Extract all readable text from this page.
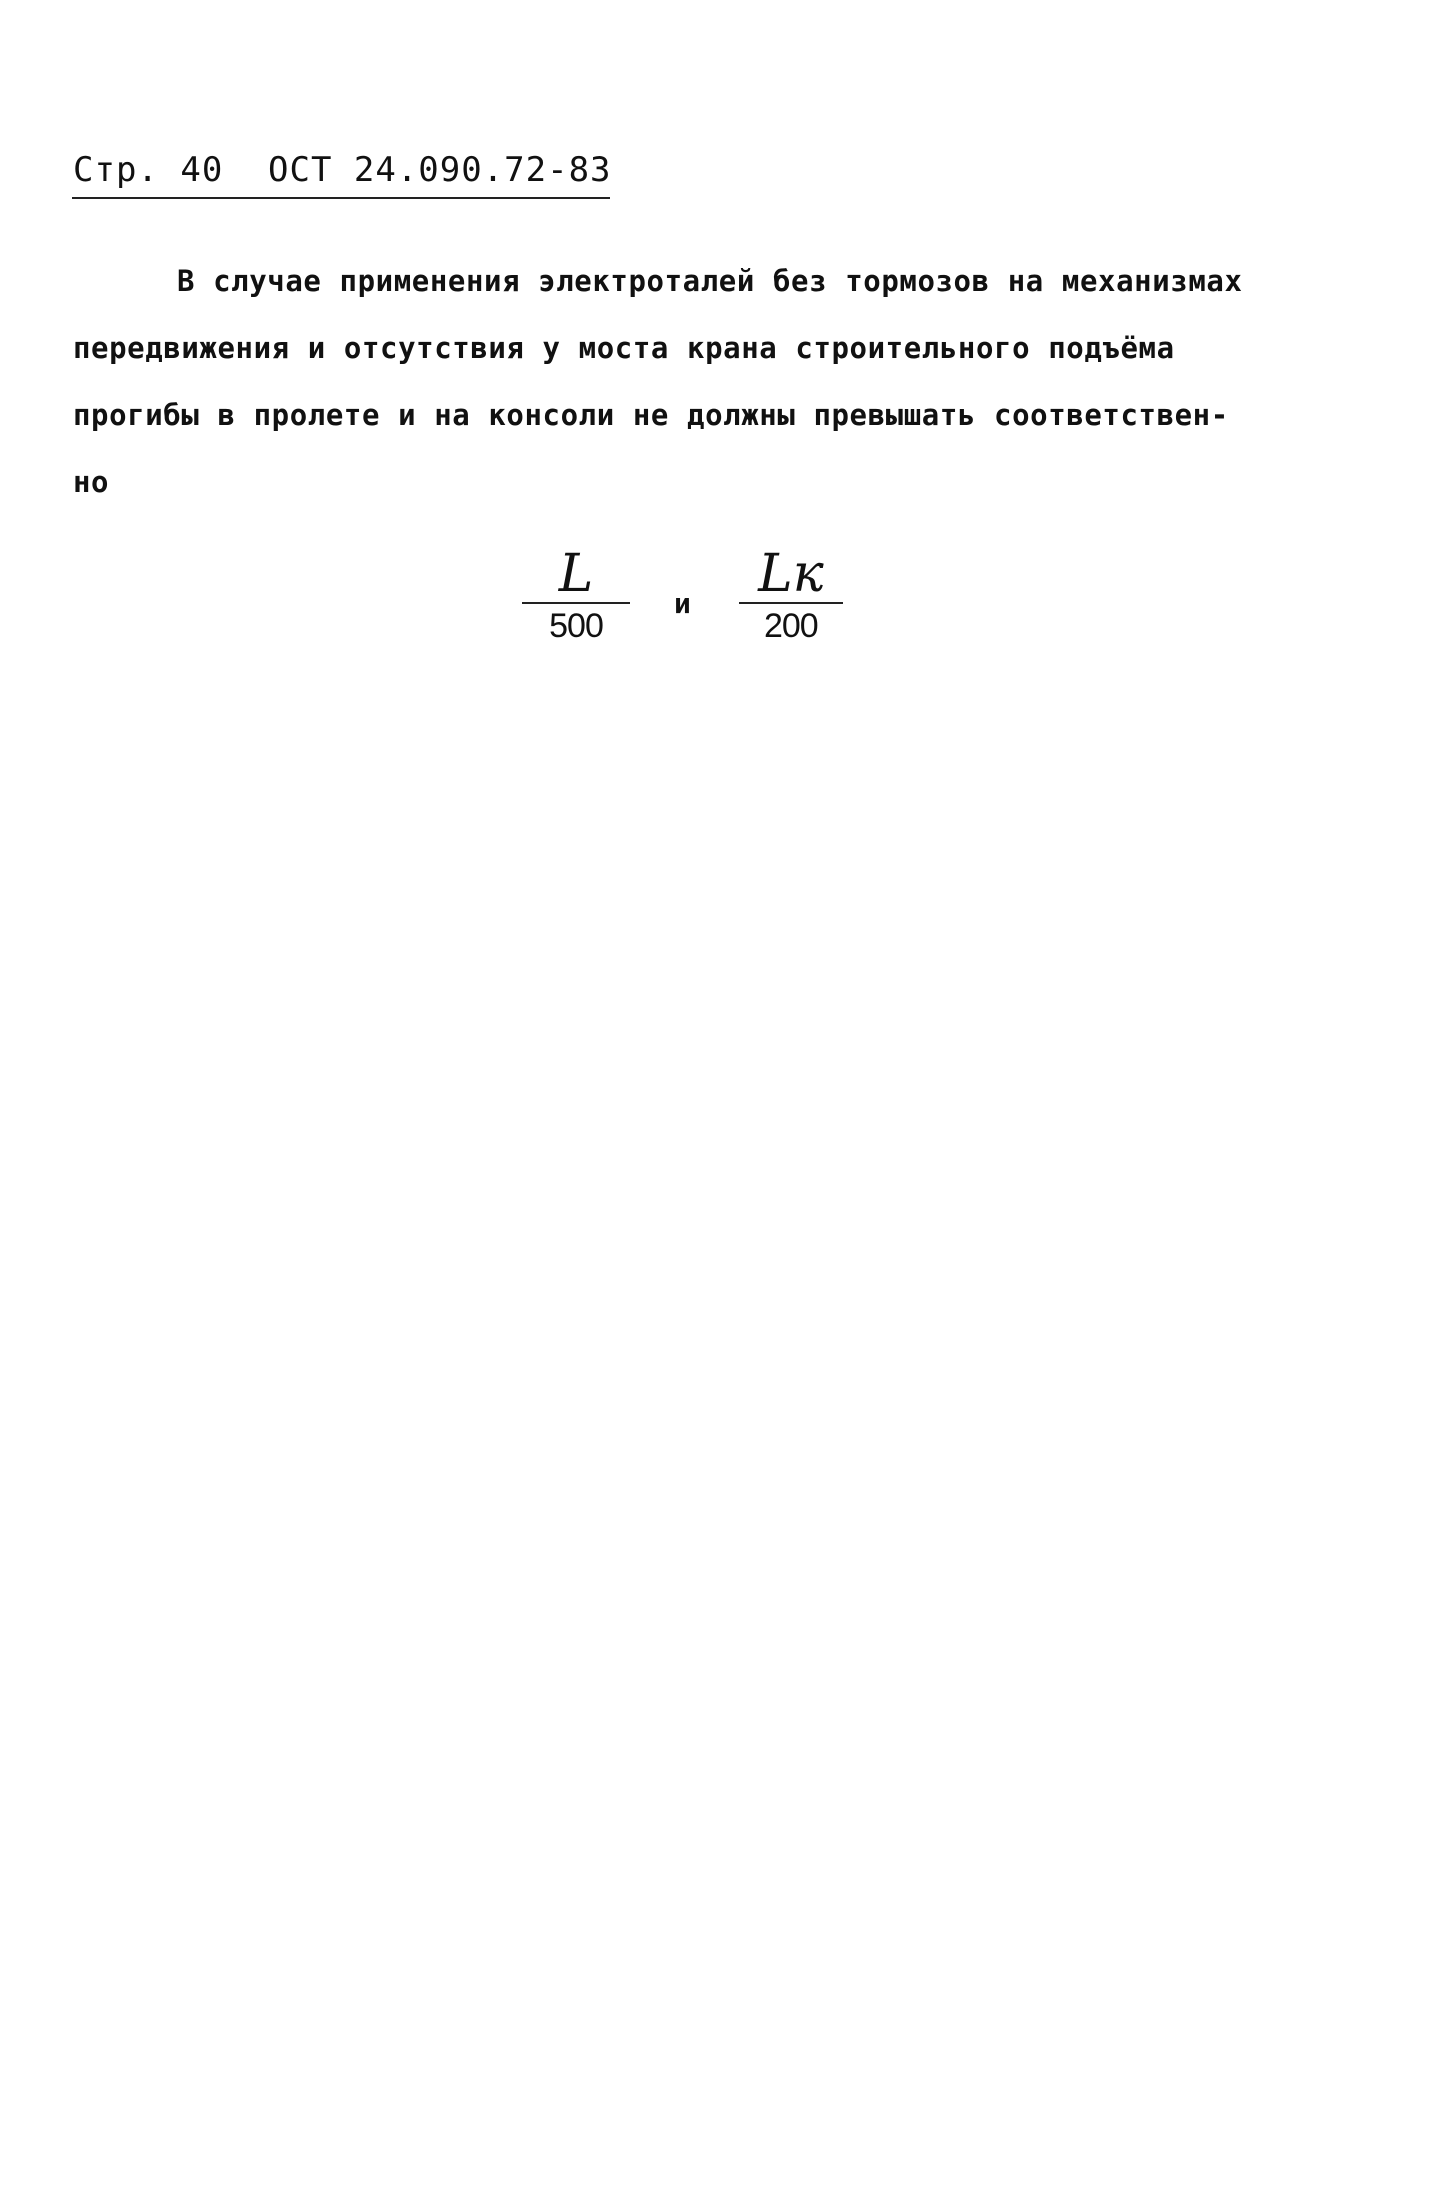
Стр. 40	ОСТ 24.090.72-83
В случае применения электроталей без тормозов на механизмах
передвижения и отсутствия у моста крана строительного подъёма
прогибы в пролете и на консоли не должны превышать соответствен-
но
$\frac{L}{500}$ и $\frac{Lк}{200}$
